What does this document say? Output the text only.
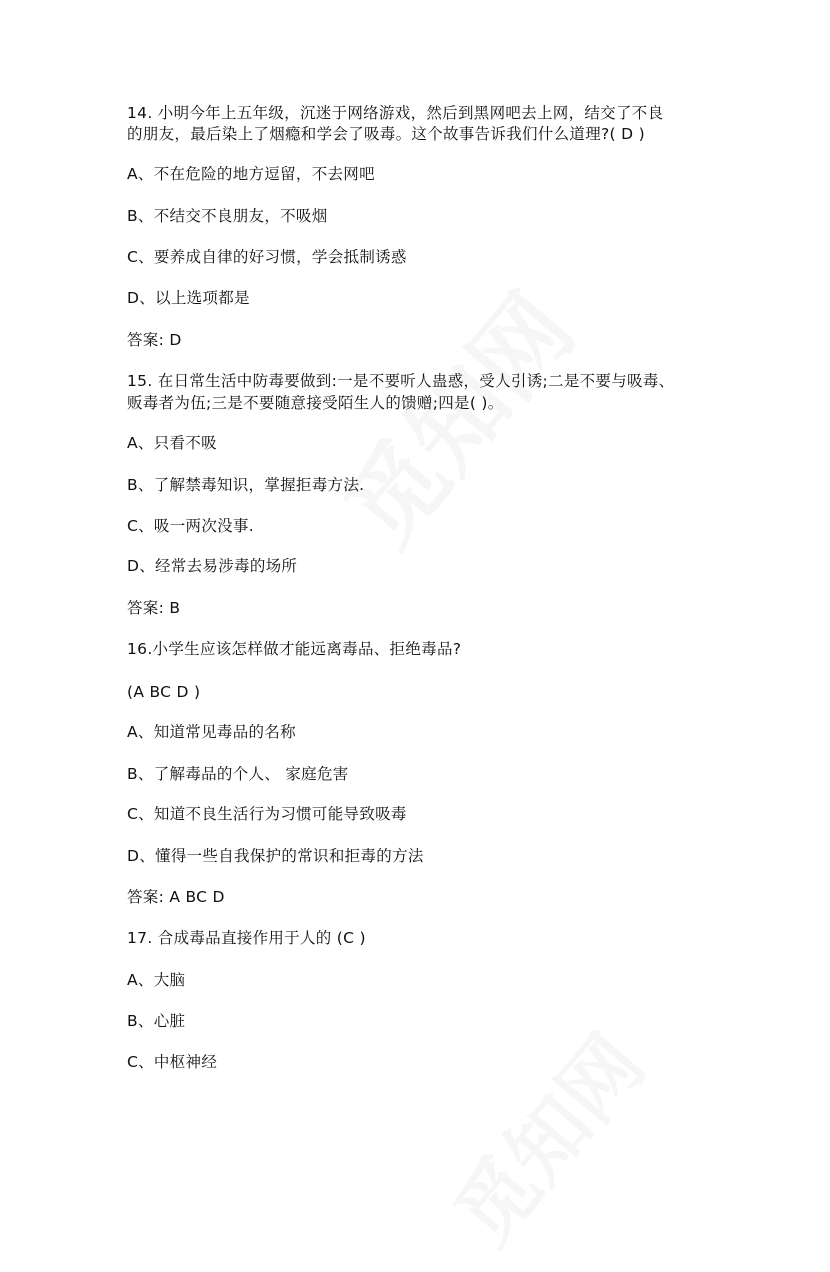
14. 小明今年上五年级，沉迷于网络游戏，然后到黑网吧去上网，结交了不良
的朋友，最后染上了烟瘾和学会了吸毒。这个故事告诉我们什么道理?( D )
A、不在危险的地方逗留，不去网吧
B、不结交不良朋友，不吸烟
C、要养成自律的好习惯，学会抵制诱惑
D、以上选项都是
答案: D
15. 在日常生活中防毒要做到:一是不要听人蛊惑，受人引诱;二是不要与吸毒、
贩毒者为伍;三是不要随意接受陌生人的馈赠;四是( )。
A、只看不吸
B、了解禁毒知识，掌握拒毒方法.
C、吸一两次没事.
D、经常去易涉毒的场所
答案: B
16.小学生应该怎样做才能远离毒品、拒绝毒品?
(A BC D )
A、知道常见毒品的名称
B、了解毒品的个人、 家庭危害
C、知道不良生活行为习惯可能导致吸毒
D、懂得一些自我保护的常识和拒毒的方法
答案: A BC D
17. 合成毒品直接作用于人的 (C )
A、大脑
B、心脏
C、中枢神经
